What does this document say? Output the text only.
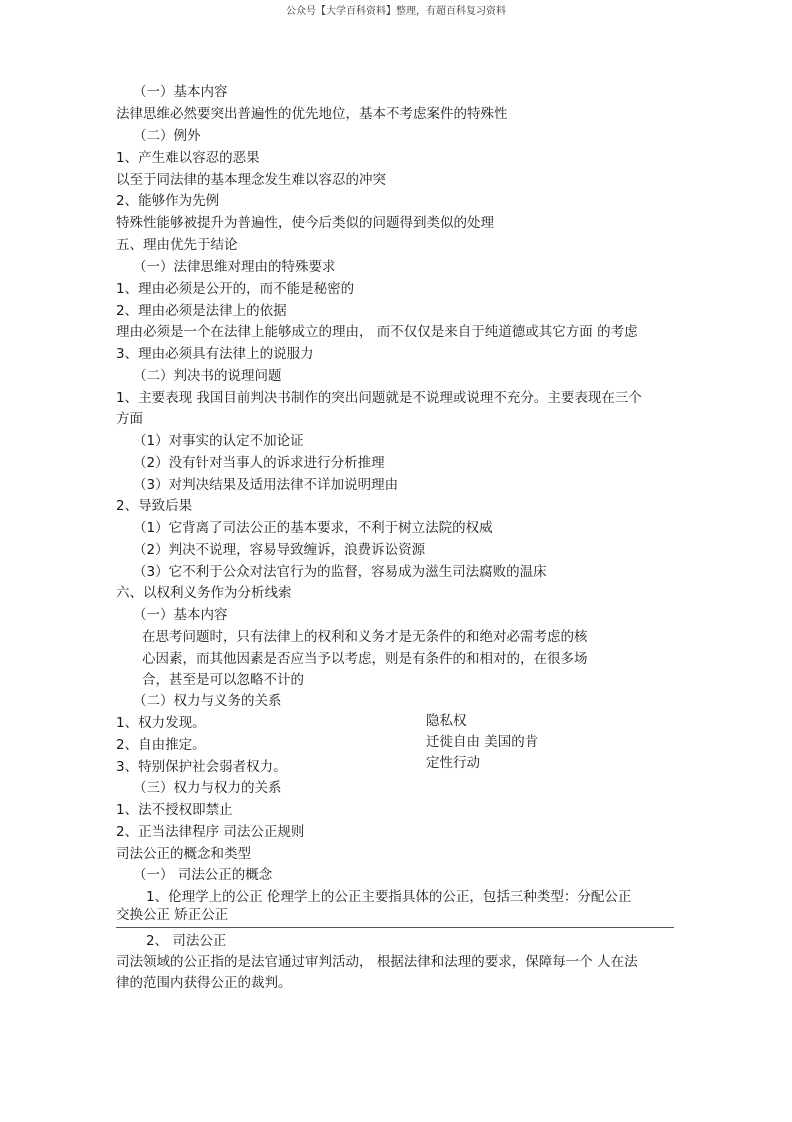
公众号【大学百科资料】整理，有超百科复习资料
（一）基本内容
法律思维必然要突出普遍性的优先地位，基本不考虑案件的特殊性
（二）例外
1、产生难以容忍的恶果
以至于同法律的基本理念发生难以容忍的冲突
2、能够作为先例
特殊性能够被提升为普遍性，使今后类似的问题得到类似的处理
五、理由优先于结论
（一）法律思维对理由的特殊要求
1、理由必须是公开的，而不能是秘密的
2、理由必须是法律上的依据
理由必须是一个在法律上能够成立的理由， 而不仅仅是来自于纯道德或其它方面 的考虑
3、理由必须具有法律上的说服力
（二）判决书的说理问题
1、主要表现 我国目前判决书制作的突出问题就是不说理或说理不充分。主要表现在三个
方面
（1）对事实的认定不加论证
（2）没有针对当事人的诉求进行分析推理
（3）对判决结果及适用法律不详加说明理由
2、导致后果
（1）它背离了司法公正的基本要求，不利于树立法院的权威
（2）判决不说理，容易导致缠诉，浪费诉讼资源
（3）它不利于公众对法官行为的监督，容易成为滋生司法腐败的温床
六、以权利义务作为分析线索
（一）基本内容
在思考问题时，只有法律上的权利和义务才是无条件的和绝对必需考虑的核
心因素，而其他因素是否应当予以考虑，则是有条件的和相对的，在很多场
合，甚至是可以忽略不计的
（二）权力与义务的关系
1、权力发现。	隐私权
2、自由推定。	迁徙自由 美国的肯
3、特别保护社会弱者权力。	定性行动
（三）权力与权力的关系
1、法不授权即禁止
2、正当法律程序 司法公正规则
司法公正的概念和类型
（一） 司法公正的概念
1、伦理学上的公正 伦理学上的公正主要指具体的公正，包括三种类型：分配公正
交换公正 矫正公正
2、 司法公正
司法领域的公正指的是法官通过审判活动， 根据法律和法理的要求，保障每一个 人在法
律的范围内获得公正的裁判。
